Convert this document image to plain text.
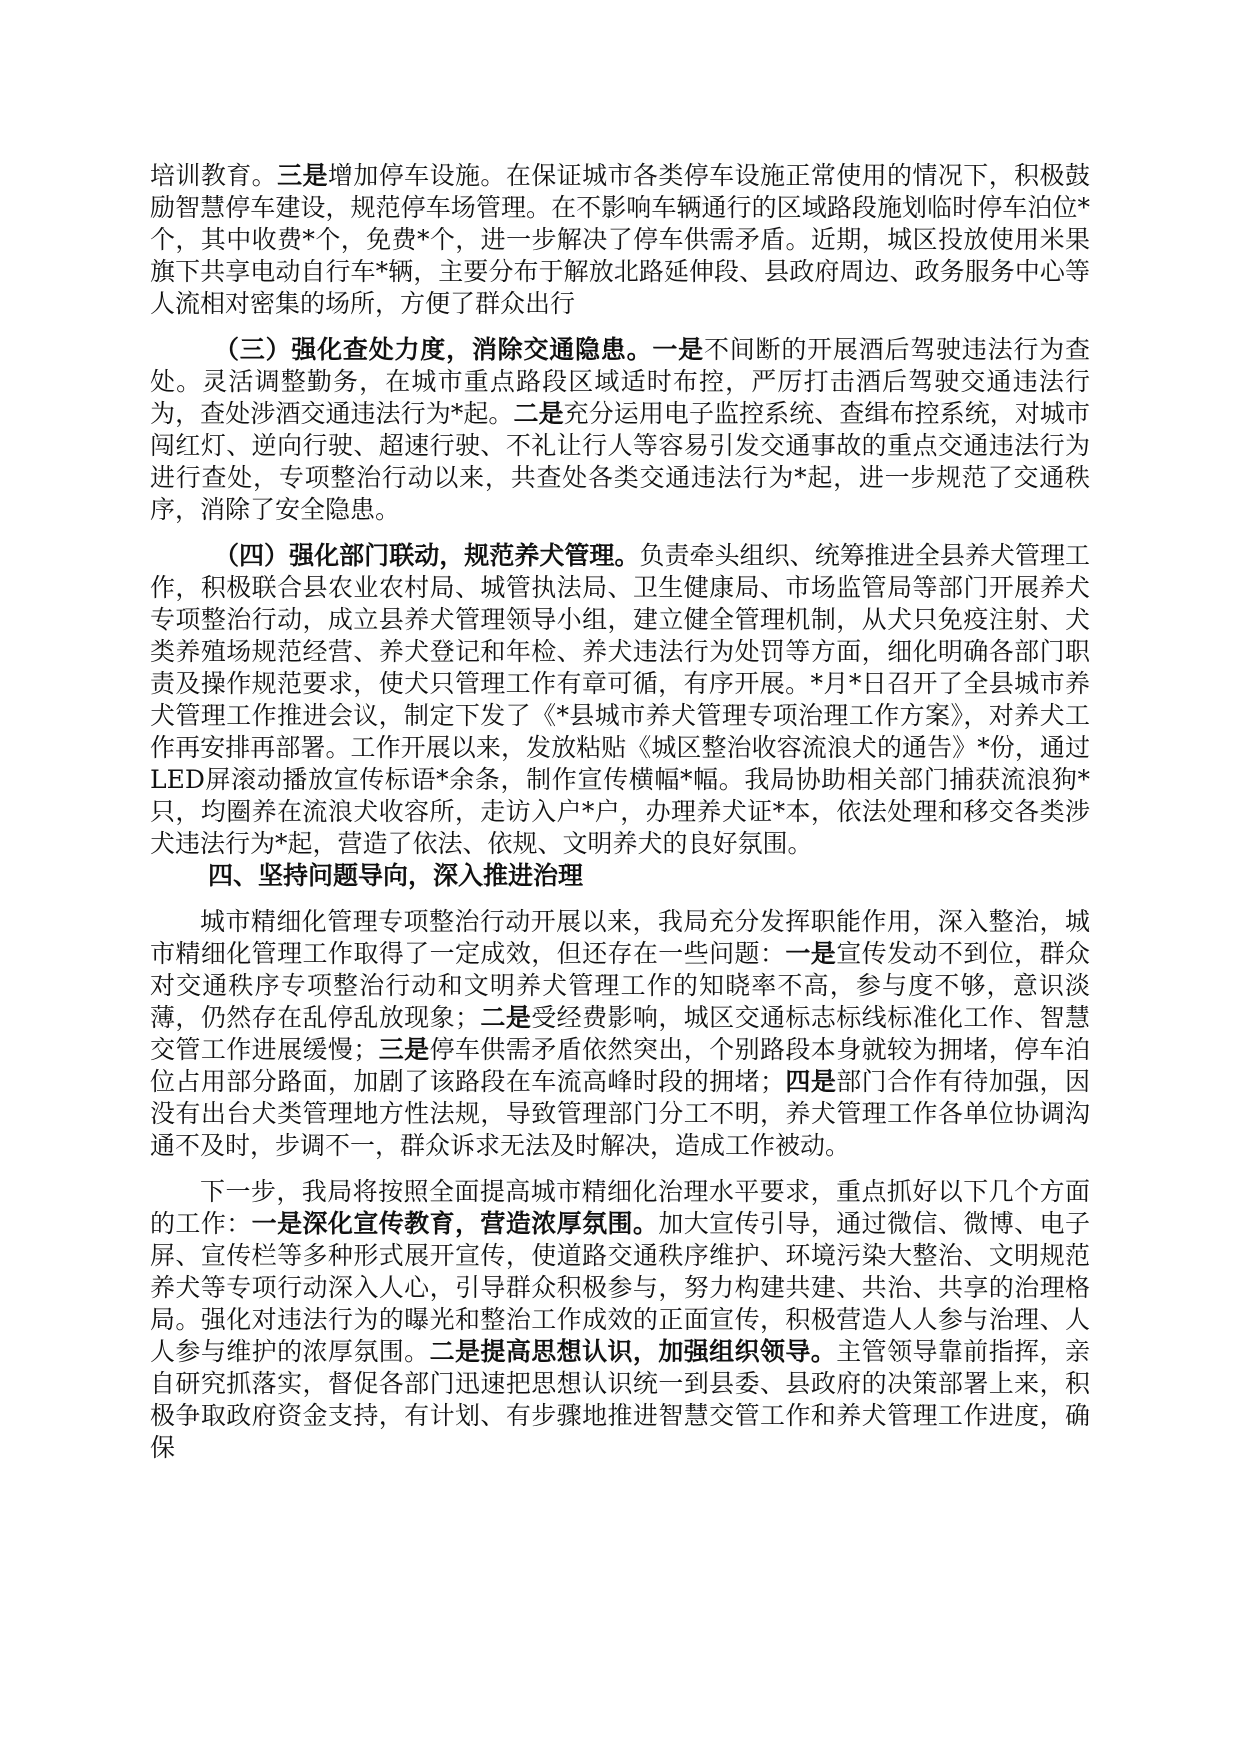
培训教育。三是增加停车设施。在保证城市各类停车设施正常使用的情况下，积极鼓励智慧停车建设，规范停车场管理。在不影响车辆通行的区域路段施划临时停车泊位*个，其中收费*个，免费*个，进一步解决了停车供需矛盾。近期，城区投放使用米果旗下共享电动自行车*辆，主要分布于解放北路延伸段、县政府周边、政务服务中心等人流相对密集的场所，方便了群众出行

（三）强化查处力度，消除交通隐患。一是不间断的开展酒后驾驶违法行为查处。灵活调整勤务，在城市重点路段区域适时布控，严厉打击酒后驾驶交通违法行为，查处涉酒交通违法行为*起。二是充分运用电子监控系统、查缉布控系统，对城市闯红灯、逆向行驶、超速行驶、不礼让行人等容易引发交通事故的重点交通违法行为进行查处，专项整治行动以来，共查处各类交通违法行为*起，进一步规范了交通秩序，消除了安全隐患。

（四）强化部门联动，规范养犬管理。负责牵头组织、统筹推进全县养犬管理工作，积极联合县农业农村局、城管执法局、卫生健康局、市场监管局等部门开展养犬专项整治行动，成立县养犬管理领导小组，建立健全管理机制，从犬只免疫注射、犬类养殖场规范经营、养犬登记和年检、养犬违法行为处罚等方面，细化明确各部门职责及操作规范要求，使犬只管理工作有章可循，有序开展。*月*日召开了全县城市养犬管理工作推进会议，制定下发了《*县城市养犬管理专项治理工作方案》，对养犬工作再安排再部署。工作开展以来，发放粘贴《城区整治收容流浪犬的通告》*份，通过LED屏滚动播放宣传标语*余条，制作宣传横幅*幅。我局协助相关部门捕获流浪狗*只，均圈养在流浪犬收容所，走访入户*户，办理养犬证*本，依法处理和移交各类涉犬违法行为*起，营造了依法、依规、文明养犬的良好氛围。

四、坚持问题导向，深入推进治理

城市精细化管理专项整治行动开展以来，我局充分发挥职能作用，深入整治，城市精细化管理工作取得了一定成效，但还存在一些问题：一是宣传发动不到位，群众对交通秩序专项整治行动和文明养犬管理工作的知晓率不高，参与度不够，意识淡薄，仍然存在乱停乱放现象；二是受经费影响，城区交通标志标线标准化工作、智慧交管工作进展缓慢；三是停车供需矛盾依然突出，个别路段本身就较为拥堵，停车泊位占用部分路面，加剧了该路段在车流高峰时段的拥堵；四是部门合作有待加强，因没有出台犬类管理地方性法规，导致管理部门分工不明，养犬管理工作各单位协调沟通不及时，步调不一，群众诉求无法及时解决，造成工作被动。

下一步，我局将按照全面提高城市精细化治理水平要求，重点抓好以下几个方面的工作：一是深化宣传教育，营造浓厚氛围。加大宣传引导，通过微信、微博、电子屏、宣传栏等多种形式展开宣传，使道路交通秩序维护、环境污染大整治、文明规范养犬等专项行动深入人心，引导群众积极参与，努力构建共建、共治、共享的治理格局。强化对违法行为的曝光和整治工作成效的正面宣传，积极营造人人参与治理、人人参与维护的浓厚氛围。二是提高思想认识，加强组织领导。主管领导靠前指挥，亲自研究抓落实，督促各部门迅速把思想认识统一到县委、县政府的决策部署上来，积极争取政府资金支持，有计划、有步骤地推进智慧交管工作和养犬管理工作进度，确保
